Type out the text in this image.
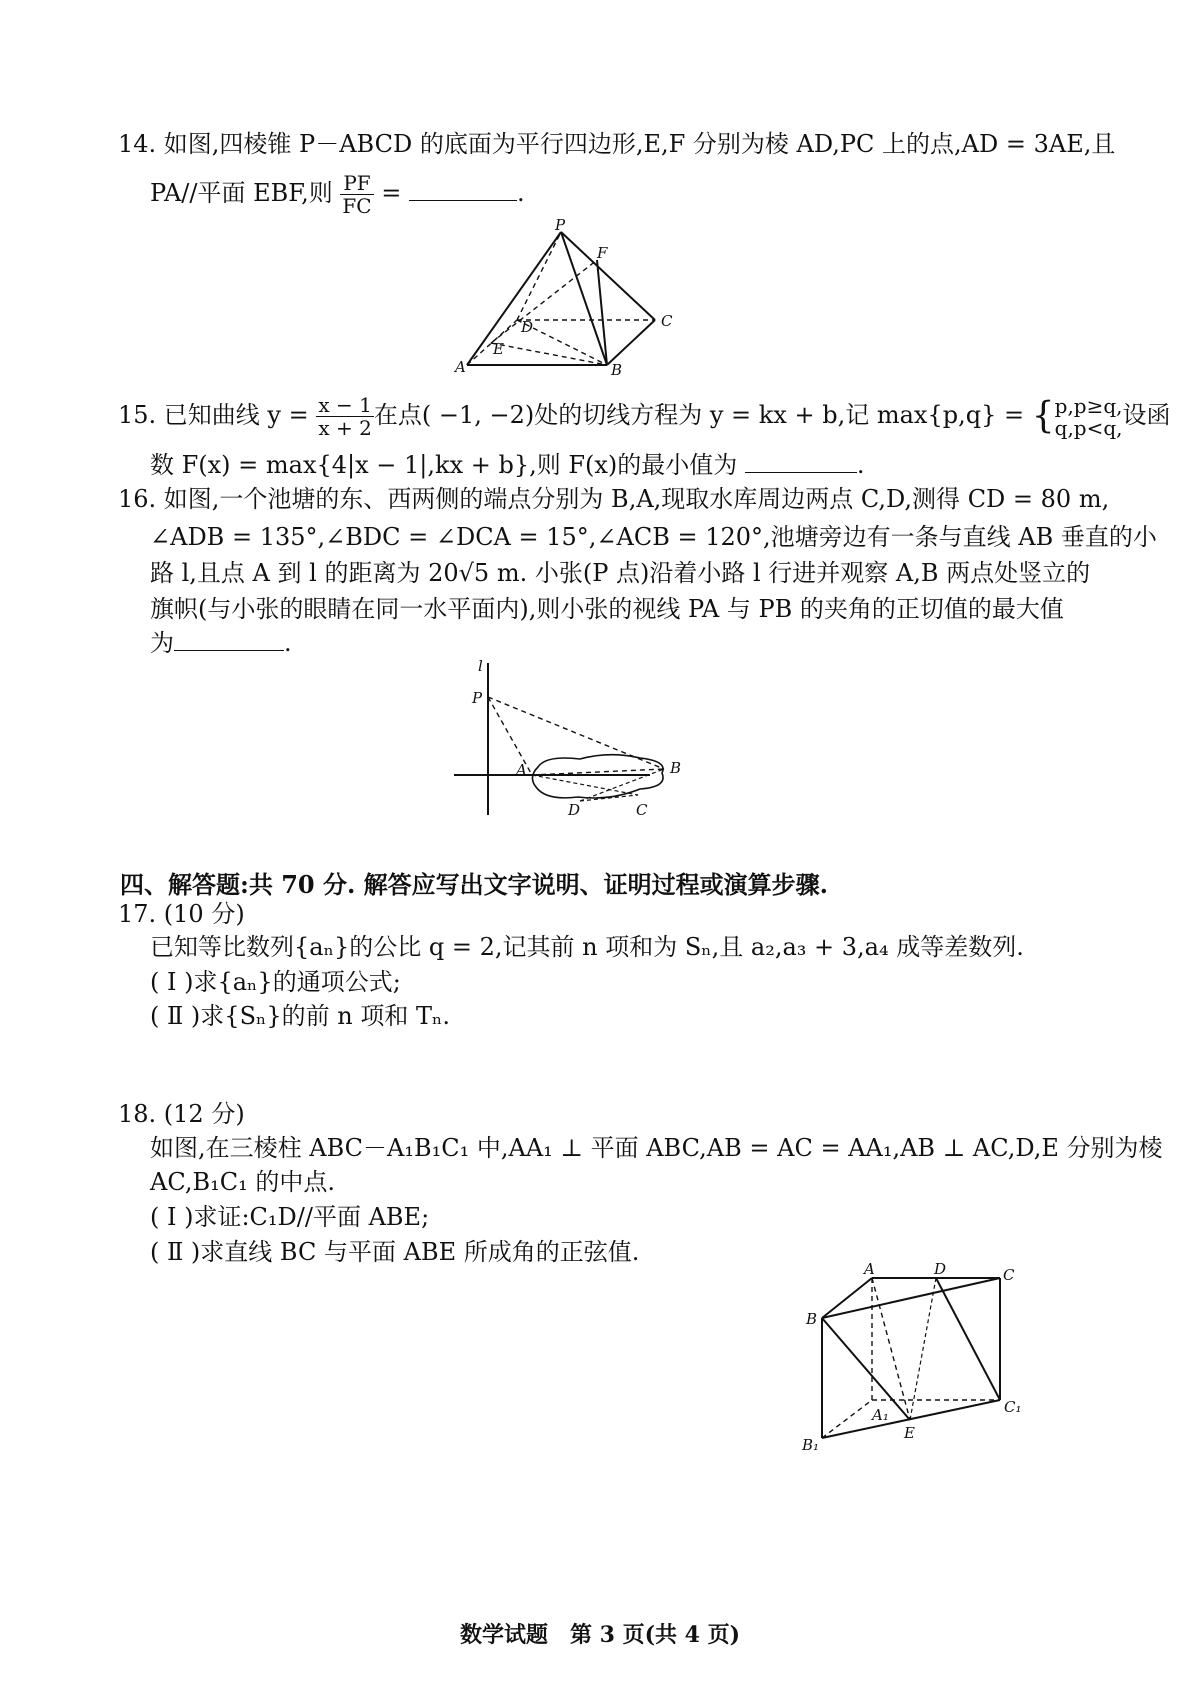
14. 如图,四棱锥 P－ABCD 的底面为平行四边形,E,F 分别为棱 AD,PC 上的点,AD = 3AE,且
PA//平面 EBF,则 $\frac{PF}{FC}$ =	.
P
F
D	C
E
A	B
15. 已知曲线 $y = \frac{x - 1}{x + 2}$ 在点( −1, −2)处的切线方程为 y = kx + b,记 max{p,q} = { p,p≥q,
q,p<q, 设函
数 F(x) = max{4|x − 1|,kx + b},则 F(x)的最小值为	.
16. 如图,一个池塘的东、西两侧的端点分别为 B,A,现取水库周边两点 C,D,测得 CD = 80 m,
∠ADB = 135°,∠BDC = ∠DCA = 15°,∠ACB = 120°,池塘旁边有一条与直线 AB 垂直的小
路 l,且点 A 到 l 的距离为 20√5 m. 小张(P 点)沿着小路 l 行进并观察 A,B 两点处竖立的
旗帜(与小张的眼睛在同一水平面内),则小张的视线 PA 与 PB 的夹角的正切值的最大值
为	.
l
P
A	B
D	C
四、解答题:共 70 分. 解答应写出文字说明、证明过程或演算步骤.
17. (10 分)
已知等比数列{aₙ}的公比 q = 2,记其前 n 项和为 Sₙ,且 a₂,a₃ + 3,a₄ 成等差数列.
( Ⅰ )求{aₙ}的通项公式;
( Ⅱ )求{Sₙ}的前 n 项和 Tₙ.
18. (12 分)
如图,在三棱柱 ABC－A₁B₁C₁ 中,AA₁ ⊥ 平面 ABC,AB = AC = AA₁,AB ⊥ AC,D,E 分别为棱
AC,B₁C₁ 的中点.
( Ⅰ )求证:C₁D//平面 ABE;
( Ⅱ )求直线 BC 与平面 ABE 所成角的正弦值.
A	D	C
B
A₁	C₁
E
B₁
数学试题　第 3 页(共 4 页)
